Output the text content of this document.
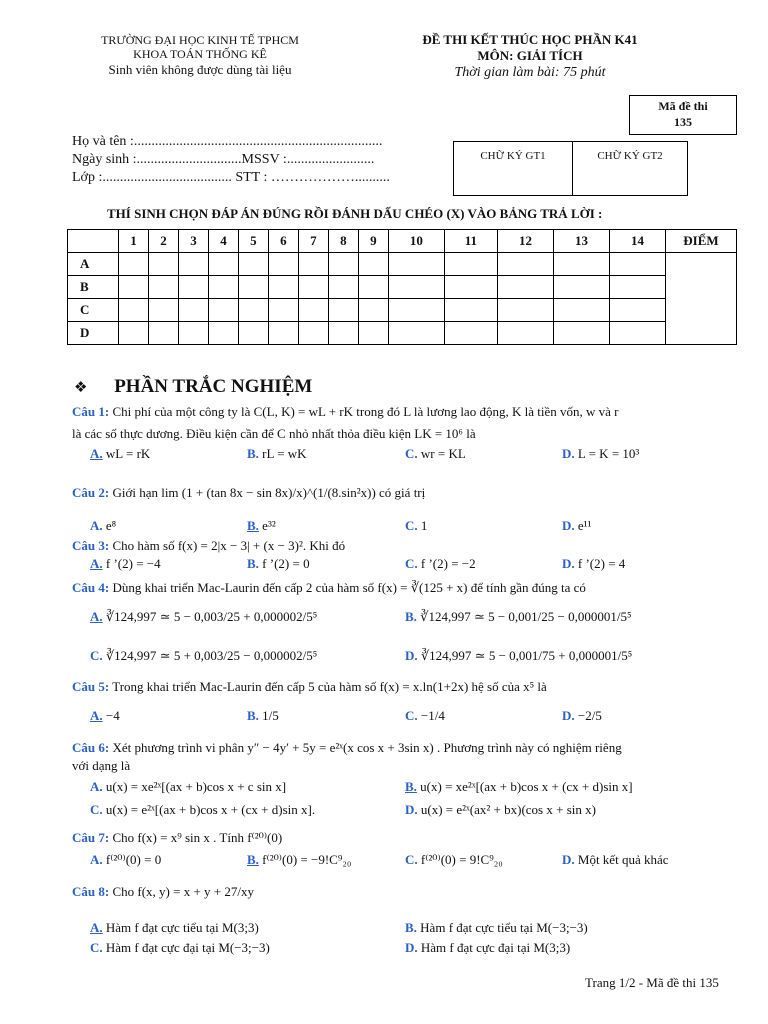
TRƯỜNG ĐẠI HỌC KINH TẾ TPHCM
KHOA TOÁN THỐNG KÊ
Sinh viên không được dùng tài liệu
ĐỀ THI KẾT THÚC HỌC PHẦN K41
MÔN: GIẢI TÍCH
Thời gian làm bài: 75 phút
Mã đề thi
135
Họ và tên :.......................................................................
Ngày sinh :..............................MSSV :.........................
Lớp :..................................... STT : ………………..........
CHỮ KÝ GT1	CHỮ KÝ GT2
THÍ SINH CHỌN ĐÁP ÁN ĐÚNG RỒI ĐÁNH DẤU CHÉO (X) VÀO BẢNG TRẢ LỜI :
	1	2	3	4	5	6	7	8	9	10	11	12	13	14	ĐIỂM
A															
B															
C															
D															
❖ PHẦN TRẮC NGHIỆM
Câu 1: Chi phí của một công ty là C(L, K) = wL + rK trong đó L là lương lao động, K là tiền vốn, w và r
là các số thực dương. Điều kiện cần để C nhỏ nhất thỏa điều kiện LK = 10⁶ là
A. wL = rK	B. rL = wK	C. wr = KL	D. L = K = 10³
Câu 2: Giới hạn lim (1 + (tan 8x − sin 8x)/x)^(1/(8.sin²x)) có giá trị
A. e⁸	B. e³²	C. 1	D. e¹¹
Câu 3: Cho hàm số f(x) = 2|x − 3| + (x − 3)². Khi đó
A. f ’(2) = −4	B. f ’(2) = 0	C. f ’(2) = −2	D. f ’(2) = 4
Câu 4: Dùng khai triển Mac-Laurin đến cấp 2 của hàm số f(x) = ∛(125 + x) để tính gần đúng ta có
A. ∛124,997 ≃ 5 − 0,003/25 + 0,000002/5⁵	B. ∛124,997 ≃ 5 − 0,001/25 − 0,000001/5⁵
C. ∛124,997 ≃ 5 + 0,003/25 − 0,000002/5⁵	D. ∛124,997 ≃ 5 − 0,001/75 + 0,000001/5⁵
Câu 5: Trong khai triển Mac-Laurin đến cấp 5 của hàm số f(x) = x.ln(1+2x) hệ số của x⁵ là
A. −4	B. 1/5	C. −1/4	D. −2/5
Câu 6: Xét phương trình vi phân y″ − 4y′ + 5y = e²ˣ(x cos x + 3sin x) . Phương trình này có nghiệm riêng
với dạng là
A. u(x) = xe²ˣ[(ax + b)cos x + c sin x]	B. u(x) = xe²ˣ[(ax + b)cos x + (cx + d)sin x]
C. u(x) = e²ˣ[(ax + b)cos x + (cx + d)sin x].	D. u(x) = e²ˣ(ax² + bx)(cos x + sin x)
Câu 7: Cho f(x) = x⁹ sin x . Tính f⁽²⁰⁾(0)
A. f⁽²⁰⁾(0) = 0	B. f⁽²⁰⁾(0) = −9!C⁹₂₀	C. f⁽²⁰⁾(0) = 9!C⁹₂₀	D. Một kết quả khác
Câu 8: Cho f(x, y) = x + y + 27/xy
A. Hàm f đạt cực tiểu tại M(3;3)	B. Hàm f đạt cực tiểu tại M(−3;−3)
C. Hàm f đạt cực đại tại M(−3;−3)	D. Hàm f đạt cực đại tại M(3;3)
Trang 1/2 - Mã đề thi 135
